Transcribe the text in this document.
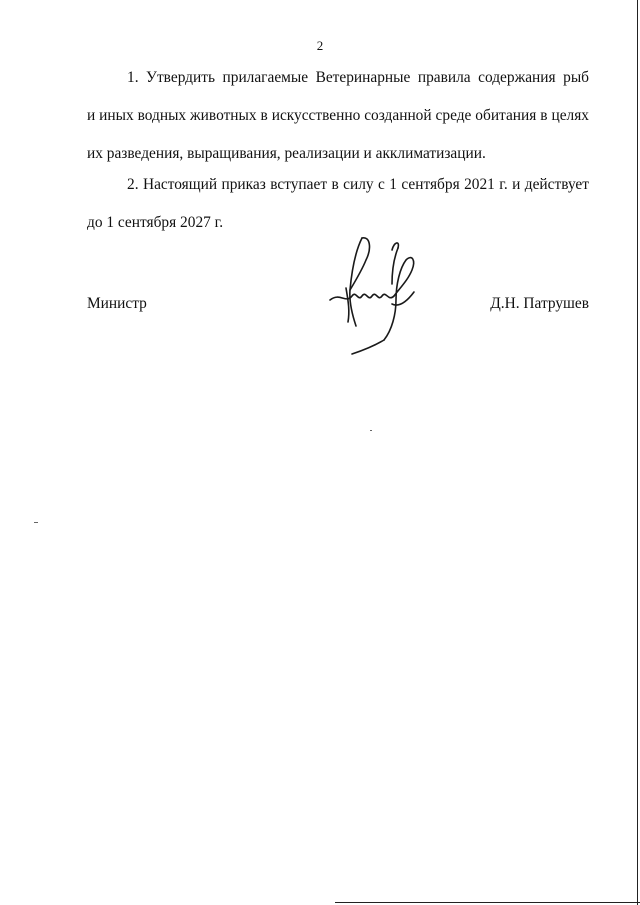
2
1. Утвердить прилагаемые Ветеринарные правила содержания рыб
и иных водных животных в искусственно созданной среде обитания в целях
их разведения, выращивания, реализации и акклиматизации.
2. Настоящий приказ вступает в силу с 1 сентября 2021 г. и действует
до 1 сентября 2027 г.
Министр	Д.Н. Патрушев
